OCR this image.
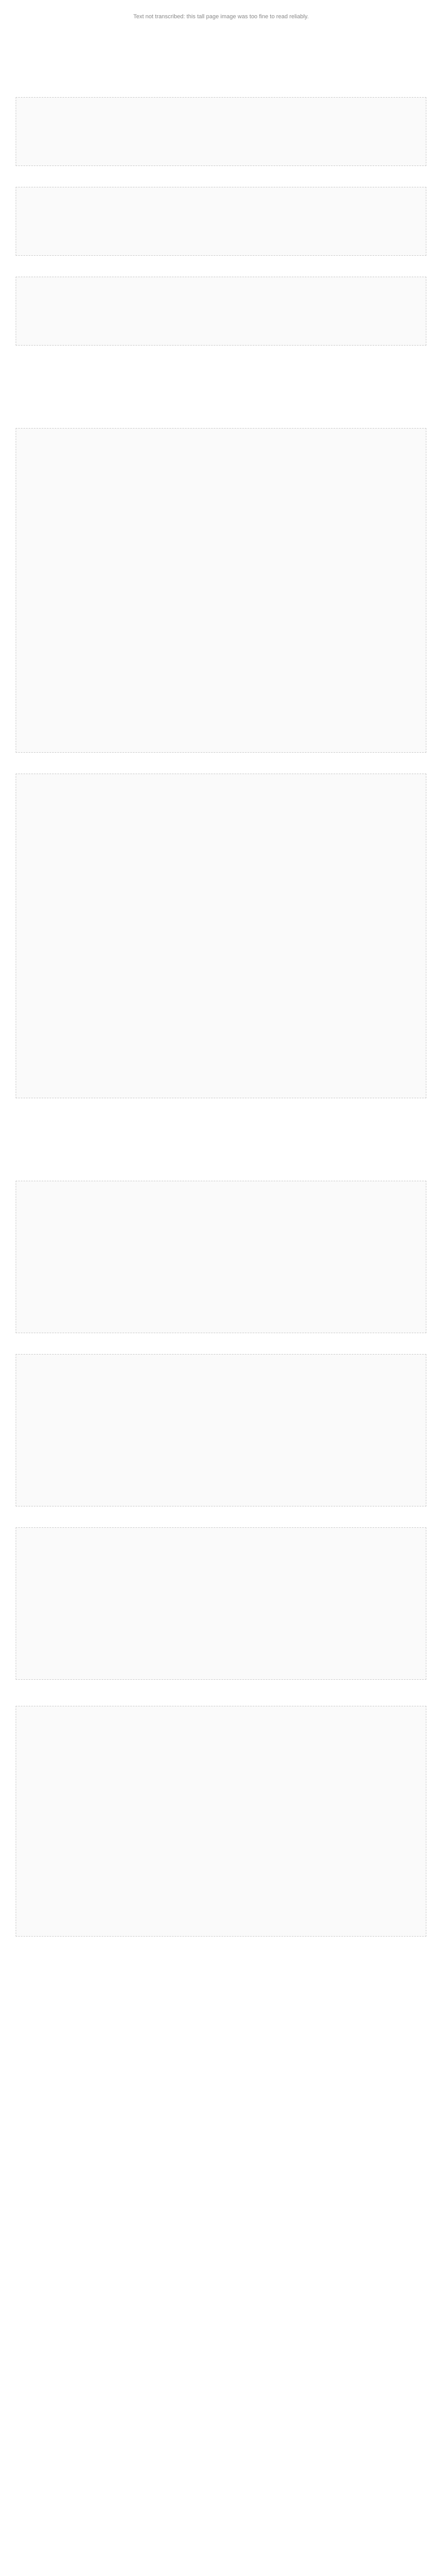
Text not transcribed: this tall page image was too fine to read reliably.
